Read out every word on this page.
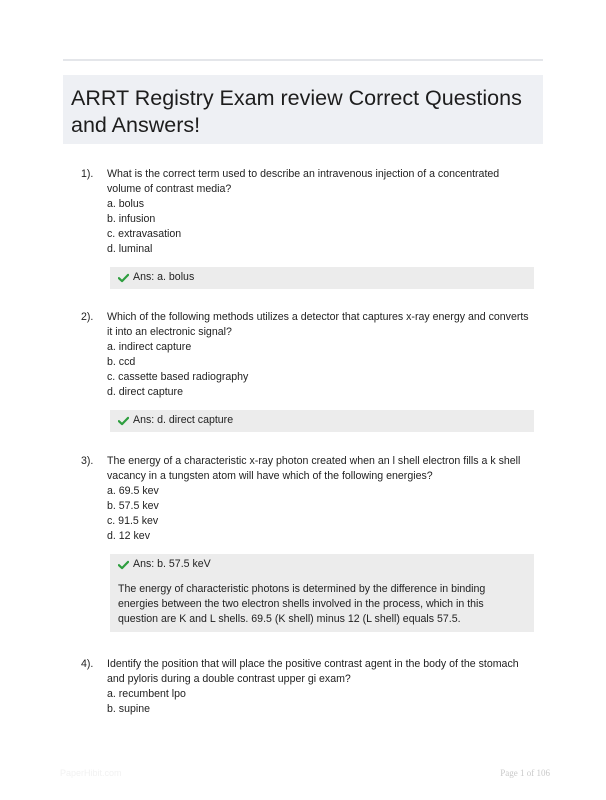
ARRT Registry Exam review Correct Questions and Answers!
1).	What is the correct term used to describe an intravenous injection of a concentrated volume of contrast media?

a. bolus
b. infusion
c. extravasation
d. luminal
Ans: a. bolus
2).	Which of the following methods utilizes a detector that captures x-ray energy and converts it into an electronic signal?

a. indirect capture
b. ccd
c. cassette based radiography
d. direct capture
Ans: d. direct capture
3).	The energy of a characteristic x-ray photon created when an l shell electron fills a k shell vacancy in a tungsten atom will have which of the following energies?

a. 69.5 kev
b. 57.5 kev
c. 91.5 kev
d. 12 kev
Ans: b. 57.5 keV

The energy of characteristic photons is determined by the difference in binding energies between the two electron shells involved in the process, which in this question are K and L shells. 69.5 (K shell) minus 12 (L shell) equals 57.5.

4).	Identify the position that will place the positive contrast agent in the body of the stomach and pyloris during a double contrast upper gi exam?

a. recumbent lpo
b. supine
PaperHibit.com	Page 1 of 106
